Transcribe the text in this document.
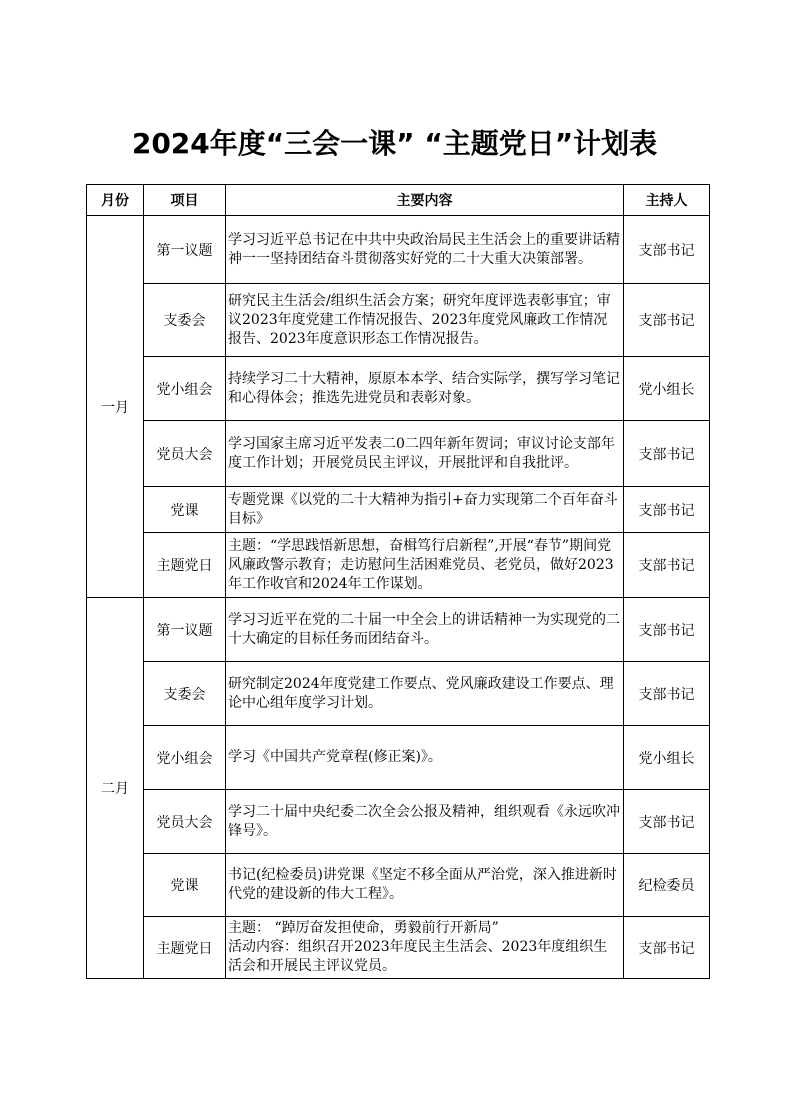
2024年度“三会一课” “主题党日”计划表
月份	项目	主要内容	主持人
一月	第一议题	学习习近平总书记在中共中央政治局民主生活会上的重要讲话精神一一坚持团结奋斗贯彻落实好党的二十大重大决策部署。	支部书记
	支委会	研究民主生活会/组织生活会方案；研究年度评选表彰事宜；审议2023年度党建工作情况报告、2023年度党风廉政工作情况报告、2023年度意识形态工作情况报告。	支部书记
	党小组会	持续学习二十大精神，原原本本学、结合实际学，撰写学习笔记和心得体会；推选先进党员和表彰对象。	党小组长
	党员大会	学习国家主席习近平发表二0二四年新年贺词；审议讨论支部年度工作计划；开展党员民主评议，开展批评和自我批评。	支部书记
	党课	专题党课《以党的二十大精神为指引+奋力实现第二个百年奋斗目标》	支部书记
	主题党日	主题：“学思践悟新思想，奋楫笃行启新程”,开展“春节”期间党风廉政警示教育；走访慰问生活困难党员、老党员，做好2023年工作收官和2024年工作谋划。	支部书记
二月	第一议题	学习习近平在党的二十届一中全会上的讲话精神一为实现党的二十大确定的目标任务而团结奋斗。	支部书记
	支委会	研究制定2024年度党建工作要点、党风廉政建设工作要点、理论中心组年度学习计划。	支部书记
	党小组会	学习《中国共产党章程(修正案)》。	党小组长
	党员大会	学习二十届中央纪委二次全会公报及精神，组织观看《永远吹冲锋号》。	支部书记
	党课	书记(纪检委员)讲党课《坚定不移全面从严治党，深入推进新时代党的建设新的伟大工程》。	纪检委员
	主题党日	主题： “踔厉奋发担使命，勇毅前行开新局”
活动内容：组织召开2023年度民主生活会、2023年度组织生活会和开展民主评议党员。	支部书记
